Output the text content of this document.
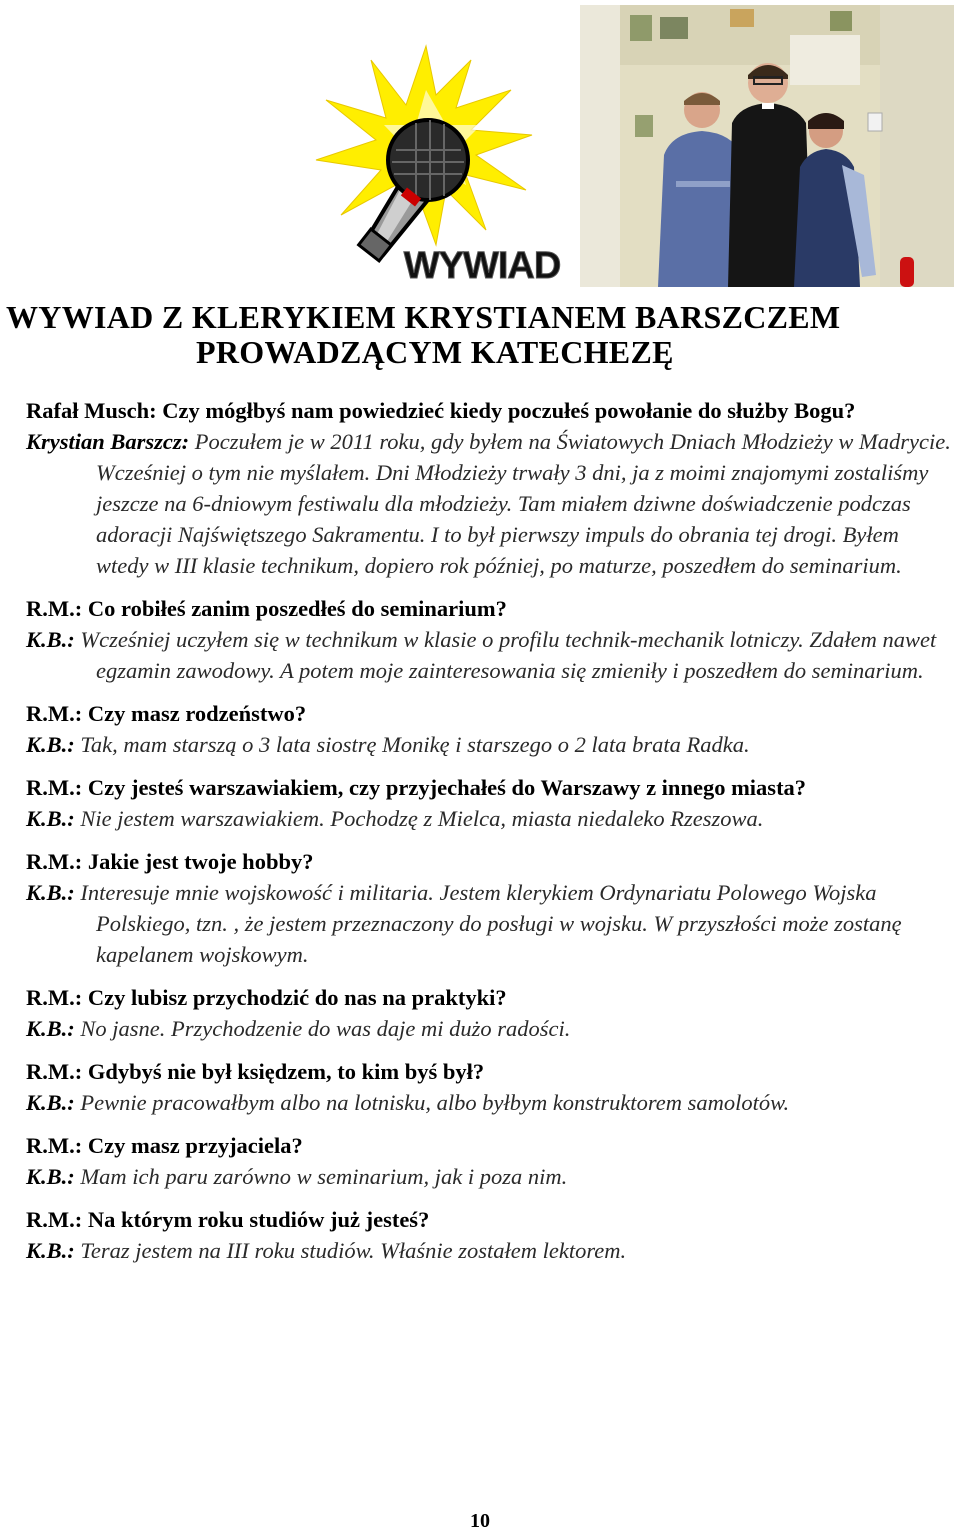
WYWIAD
WYWIAD Z KLERYKIEM KRYSTIANEM BARSZCZEM
PROWADZĄCYM KATECHEZĘ

Rafał Musch: Czy mógłbyś nam powiedzieć kiedy poczułeś powołanie do służby Bogu?

Krystian Barszcz: Poczułem je w 2011 roku, gdy byłem na Światowych Dniach Młodzieży w Madrycie. Wcześniej o tym nie myślałem. Dni Młodzieży trwały 3 dni, ja z moimi znajomymi zostaliśmy jeszcze na 6-dniowym festiwalu dla młodzieży. Tam miałem dziwne doświadczenie podczas adoracji Najświętszego Sakramentu. I to był pierwszy impuls do obrania tej drogi. Byłem wtedy w III klasie technikum, dopiero rok później, po maturze, poszedłem do seminarium.

R.M.: Co robiłeś zanim poszedłeś do seminarium?

K.B.: Wcześniej uczyłem się w technikum w klasie o profilu technik-mechanik lotniczy. Zdałem nawet egzamin zawodowy. A potem moje zainteresowania się zmieniły i poszedłem do seminarium.

R.M.: Czy masz rodzeństwo?

K.B.: Tak, mam starszą o 3 lata siostrę Monikę i starszego o 2 lata brata Radka.

R.M.: Czy jesteś warszawiakiem, czy przyjechałeś do Warszawy z innego miasta?

K.B.: Nie jestem warszawiakiem. Pochodzę z Mielca, miasta niedaleko Rzeszowa.

R.M.: Jakie jest twoje hobby?

K.B.: Interesuje mnie wojskowość i militaria. Jestem klerykiem Ordynariatu Polowego Wojska Polskiego, tzn. , że jestem przeznaczony do posługi w wojsku. W przyszłości może zostanę kapelanem wojskowym.

R.M.: Czy lubisz przychodzić do nas na praktyki?

K.B.: No jasne. Przychodzenie do was daje mi dużo radości.

R.M.: Gdybyś nie był księdzem, to kim byś był?

K.B.: Pewnie pracowałbym albo na lotnisku, albo byłbym konstruktorem samolotów.

R.M.: Czy masz przyjaciela?

K.B.: Mam ich paru zarówno w seminarium, jak i poza nim.

R.M.: Na którym roku studiów już jesteś?

K.B.: Teraz jestem na III roku studiów. Właśnie zostałem lektorem.

10
